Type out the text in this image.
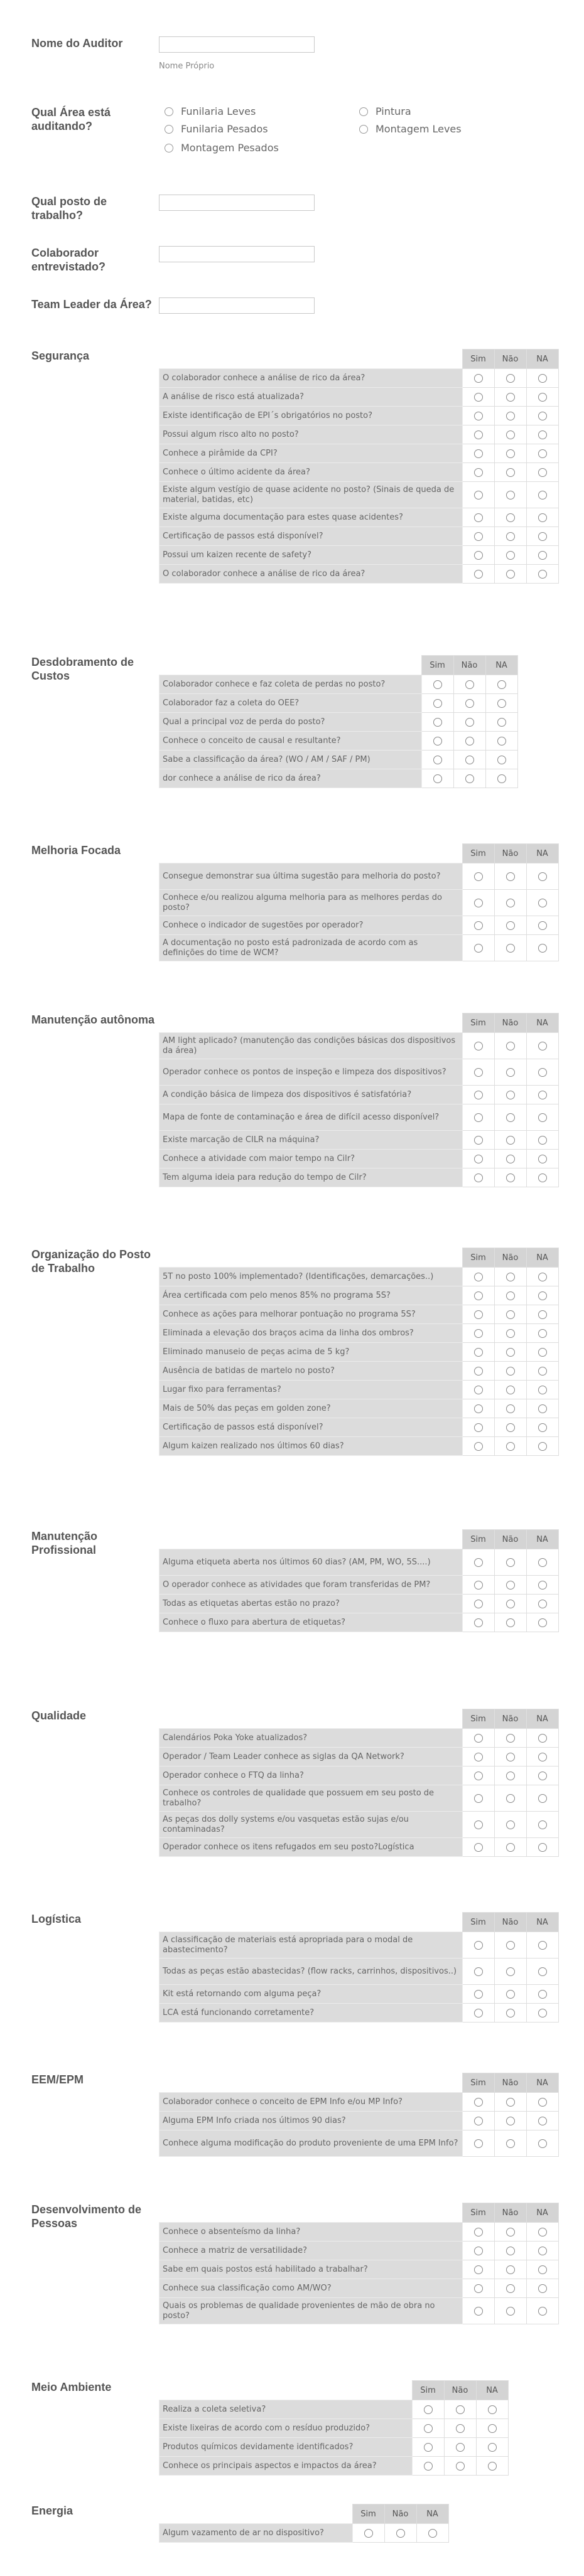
Nome do Auditor
Nome Próprio
Qual Área está auditando?
Funilaria Leves	Pintura
Funilaria Pesados	Montagem Leves
Montagem Pesados
Qual posto de trabalho?
Colaborador entrevistado?
Team Leader da Área?
Segurança
		Sim	Não	NA
O colaborador conhece a análise de rico da área?			
A análise de risco está atualizada?			
Existe identificação de EPI´s obrigatórios no posto?			
Possui algum risco alto no posto?			
Conhece a pirâmide da CPI?			
Conhece o último acidente da área?			
Existe algum vestígio de quase acidente no posto? (Sinais de queda de material, batidas, etc)			
Existe alguma documentação para estes quase acidentes?			
Certificação de passos está disponível?			
Possui um kaizen recente de safety?			
O colaborador conhece a análise de rico da área?			
Desdobramento de Custos
	Sim	Não	NA
Colaborador conhece e faz coleta de perdas no posto?			
Colaborador faz a coleta do OEE?			
Qual a principal voz de perda do posto?			
Conhece o conceito de causal e resultante?			
Sabe a classificação da área? (WO / AM / SAF / PM)			
dor conhece a análise de rico da área?			
Melhoria Focada
		Sim	Não	NA
Consegue demonstrar sua última sugestão para melhoria do posto?			
Conhece e/ou realizou alguma melhoria para as melhores perdas do posto?			
Conhece o indicador de sugestões por operador?			
A documentação no posto está padronizada de acordo com as definições do time de WCM?			
Manutenção autônoma
		Sim	Não	NA
AM light aplicado? (manutenção das condições básicas dos dispositivos da área)			
Operador conhece os pontos de inspeção e limpeza dos dispositivos?			
A condição básica de limpeza dos dispositivos é satisfatória?			
Mapa de fonte de contaminação e área de difícil acesso disponível?			
Existe marcação de CILR na máquina?			
Conhece a atividade com maior tempo na Cilr?			
Tem alguma ideia para redução do tempo de Cilr?			
Organização do Posto de Trabalho
	Sim	Não	NA
5T no posto 100% implementado? (Identificações, demarcações..)			
Área certificada com pelo menos 85% no programa 5S?			
Conhece as ações para melhorar pontuação no programa 5S?			
Eliminada a elevação dos braços acima da linha dos ombros?			
Eliminado manuseio de peças acima de 5 kg?			
Ausência de batidas de martelo no posto?			
Lugar fixo para ferramentas?			
Mais de 50% das peças em golden zone?			
Certificação de passos está disponível?			
Algum kaizen realizado nos últimos 60 dias?			
Manutenção Profissional
	Sim	Não	NA
Alguma etiqueta aberta nos últimos 60 dias? (AM, PM, WO, 5S....)			
O operador conhece as atividades que foram transferidas de PM?			
Todas as etiquetas abertas estão no prazo?			
Conhece o fluxo para abertura de etiquetas?			
Qualidade
		Sim	Não	NA
Calendários Poka Yoke atualizados?			
Operador / Team Leader conhece as siglas da QA Network?			
Operador conhece o FTQ da linha?			
Conhece os controles de qualidade que possuem em seu posto de trabalho?			
As peças dos dolly systems e/ou vasquetas estão sujas e/ou contaminadas?			
Operador conhece os itens refugados em seu posto?Logística			
Logística
		Sim	Não	NA
A classificação de materiais está apropriada para o modal de abastecimento?			
Todas as peças estão abastecidas? (flow racks, carrinhos, dispositivos..)			
Kit está retornando com alguma peça?			
LCA está funcionando corretamente?			
EEM/EPM
		Sim	Não	NA
Colaborador conhece o conceito de EPM Info e/ou MP Info?			
Alguma EPM Info criada nos últimos 90 dias?			
Conhece alguma modificação do produto proveniente de uma EPM Info?			
Desenvolvimento de Pessoas
	Sim	Não	NA
Conhece o absenteísmo da linha?			
Conhece a matriz de versatilidade?			
Sabe em quais postos está habilitado a trabalhar?			
Conhece sua classificação como AM/WO?			
Quais os problemas de qualidade provenientes de mão de obra no posto?			
Meio Ambiente
		Sim	Não	NA
Realiza a coleta seletiva?			
Existe lixeiras de acordo com o resíduo produzido?			
Produtos químicos devidamente identificados?			
Conhece os principais aspectos e impactos da área?			
Energia
		Sim	Não	NA
Algum vazamento de ar no dispositivo?			
